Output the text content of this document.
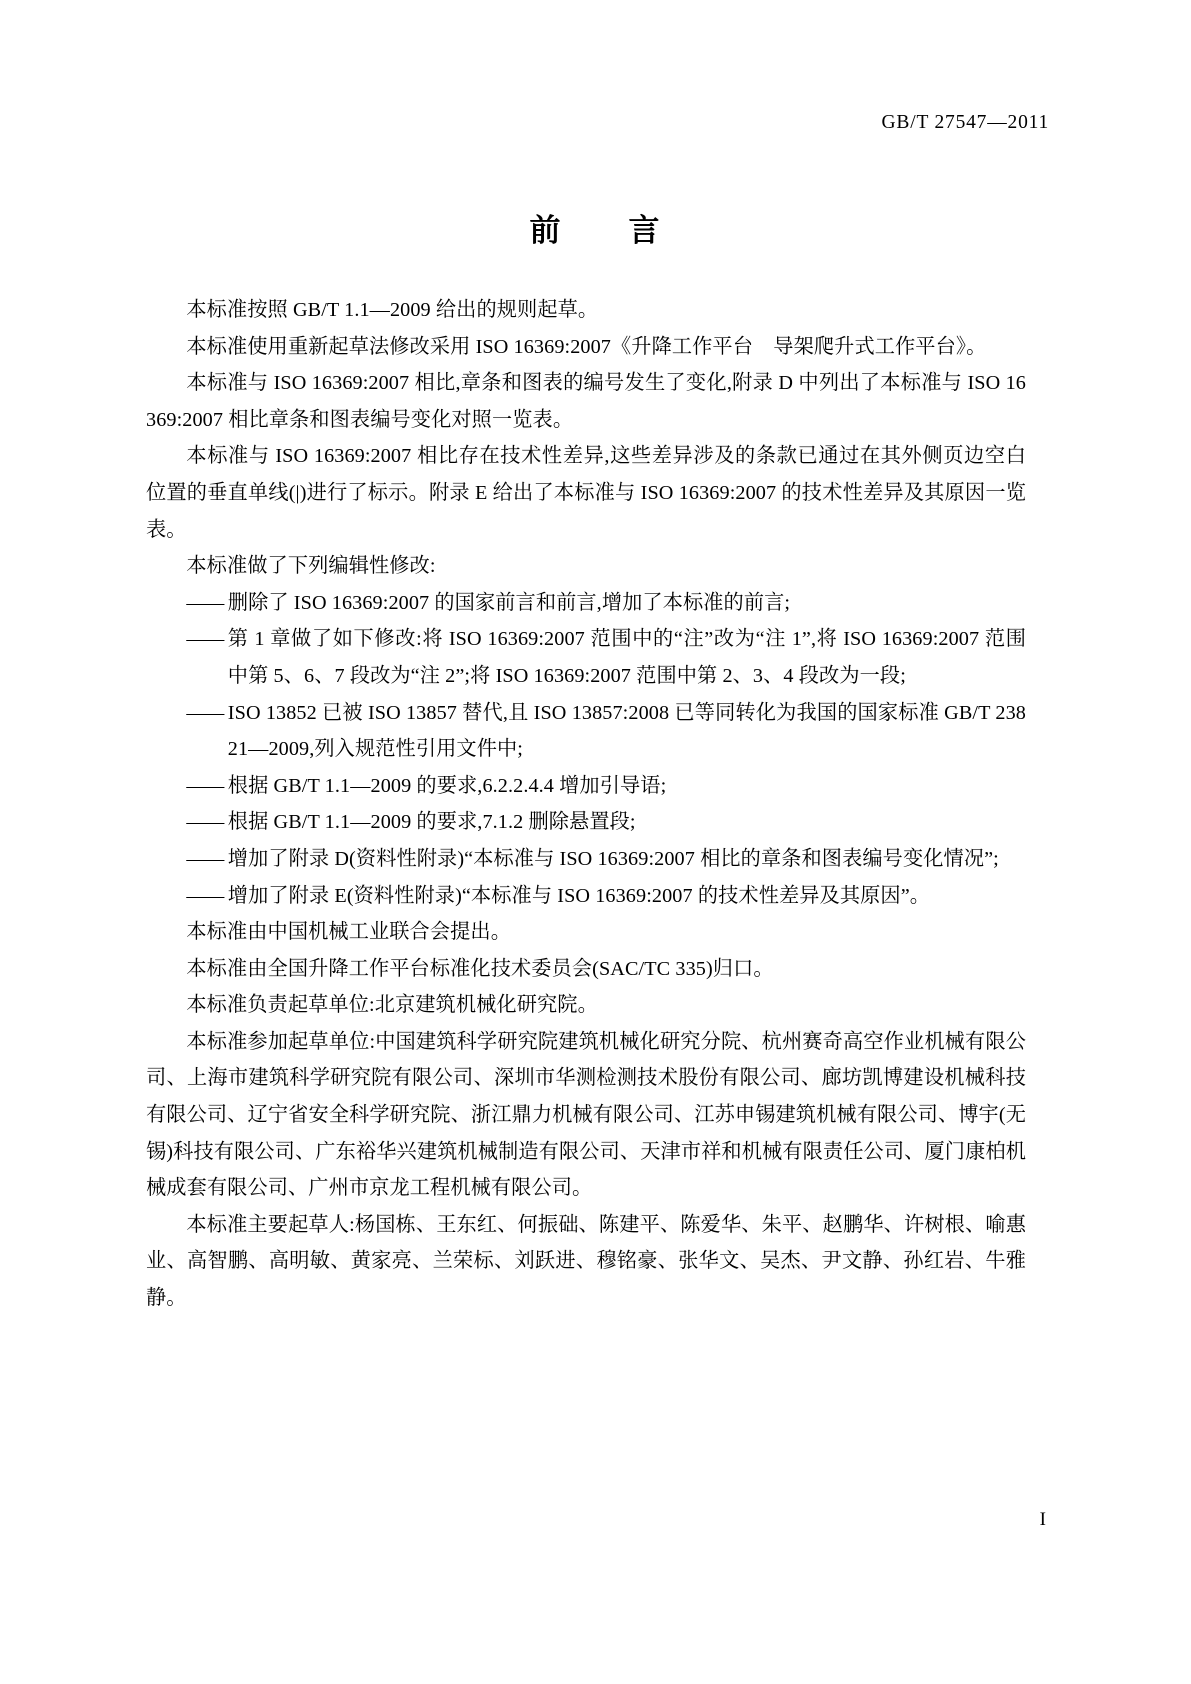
GB/T 27547—2011
前　　言

本标准按照 GB/T 1.1—2009 给出的规则起草。

本标准使用重新起草法修改采用 ISO 16369:2007《升降工作平台　导架爬升式工作平台》。

本标准与 ISO 16369:2007 相比,章条和图表的编号发生了变化,附录 D 中列出了本标准与 ISO 16369:2007 相比章条和图表编号变化对照一览表。

本标准与 ISO 16369:2007 相比存在技术性差异,这些差异涉及的条款已通过在其外侧页边空白位置的垂直单线(|)进行了标示。附录 E 给出了本标准与 ISO 16369:2007 的技术性差异及其原因一览表。

本标准做了下列编辑性修改:

—— 删除了 ISO 16369:2007 的国家前言和前言,增加了本标准的前言;
—— 第 1 章做了如下修改:将 ISO 16369:2007 范围中的“注”改为“注 1”,将 ISO 16369:2007 范围中第 5、6、7 段改为“注 2”;将 ISO 16369:2007 范围中第 2、3、4 段改为一段;
—— ISO 13852 已被 ISO 13857 替代,且 ISO 13857:2008 已等同转化为我国的国家标准 GB/T 23821—2009,列入规范性引用文件中;
—— 根据 GB/T 1.1—2009 的要求,6.2.2.4.4 增加引导语;
—— 根据 GB/T 1.1—2009 的要求,7.1.2 删除悬置段;
—— 增加了附录 D(资料性附录)“本标准与 ISO 16369:2007 相比的章条和图表编号变化情况”;
—— 增加了附录 E(资料性附录)“本标准与 ISO 16369:2007 的技术性差异及其原因”。

本标准由中国机械工业联合会提出。

本标准由全国升降工作平台标准化技术委员会(SAC/TC 335)归口。

本标准负责起草单位:北京建筑机械化研究院。

本标准参加起草单位:中国建筑科学研究院建筑机械化研究分院、杭州赛奇高空作业机械有限公司、上海市建筑科学研究院有限公司、深圳市华测检测技术股份有限公司、廊坊凯博建设机械科技有限公司、辽宁省安全科学研究院、浙江鼎力机械有限公司、江苏申锡建筑机械有限公司、博宇(无锡)科技有限公司、广东裕华兴建筑机械制造有限公司、天津市祥和机械有限责任公司、厦门康柏机械成套有限公司、广州市京龙工程机械有限公司。

本标准主要起草人:杨国栋、王东红、何振础、陈建平、陈爱华、朱平、赵鹏华、许树根、喻惠业、高智鹏、高明敏、黄家亮、兰荣标、刘跃进、穆铭豪、张华文、吴杰、尹文静、孙红岩、牛雅静。

I
